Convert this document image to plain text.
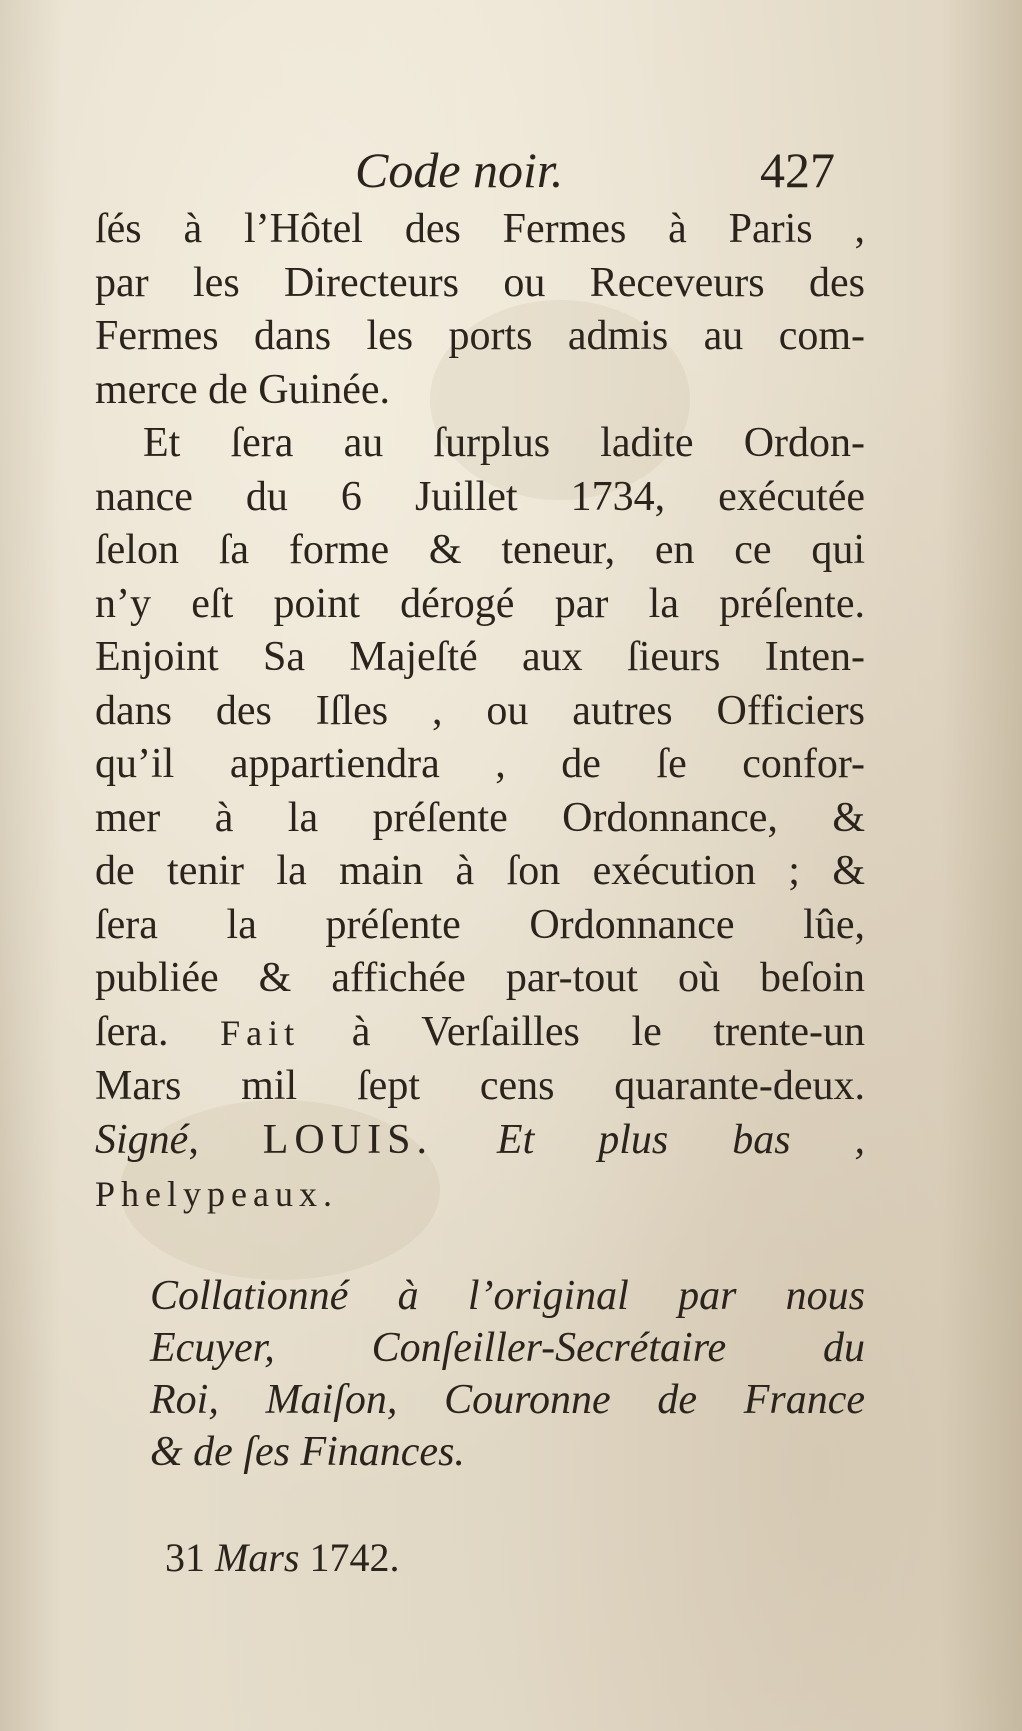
Code noir.	427
ſés à l’Hôtel des Fermes à Paris ,
par les Directeurs ou Receveurs des
Fermes dans les ports admis au com-
merce de Guinée.
Et ſera au ſurplus ladite Ordon-
nance du 6 Juillet 1734, exécutée
ſelon ſa forme & teneur, en ce qui
n’y eſt point dérogé par la préſente.
Enjoint Sa Majeſté aux ſieurs Inten-
dans des Iſles , ou autres Officiers
qu’il appartiendra , de ſe confor-
mer à la préſente Ordonnance, &
de tenir la main à ſon exécution ; &
ſera la préſente Ordonnance lûe,
publiée & affichée par-tout où beſoin
ſera. Fait à Verſailles le trente-un
Mars mil ſept cens quarante-deux.
Signé, LOUIS. Et plus bas ,
Phelypeaux.
Collationné à l’original par nous
Ecuyer, Conſeiller-Secrétaire du
Roi, Maiſon, Couronne de France
& de ſes Finances.
31 Mars 1742.
